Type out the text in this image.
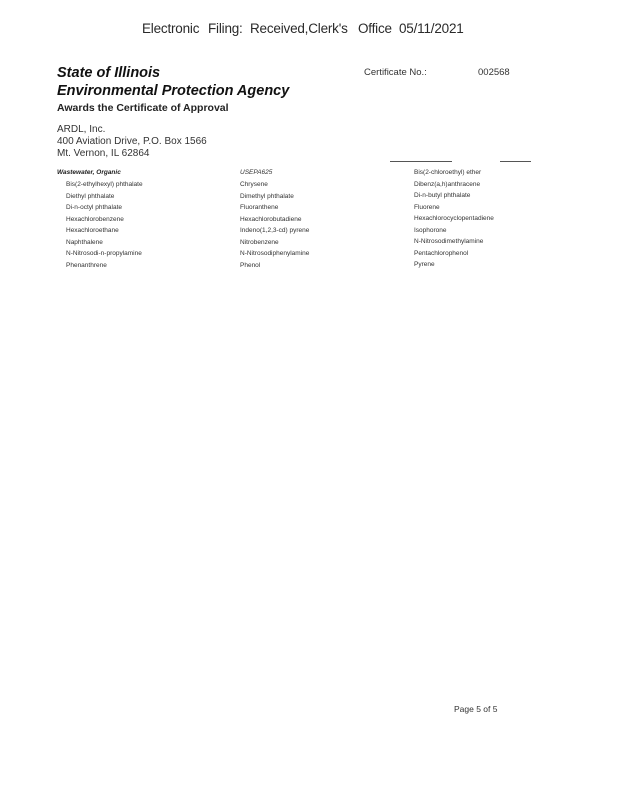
Electronic Filing: Received,Clerk's Office 05/11/2021
State of Illinois
Environmental Protection Agency
Awards the Certificate of Approval
Certificate No.:	002568
ARDL, Inc.
400 Aviation Drive, P.O. Box 1566
Mt. Vernon, IL 62864
Wastewater, Organic	USEPA625
Bis(2-ethylhexyl) phthalate
Diethyl phthalate
Di-n-octyl phthalate
Hexachlorobenzene
Hexachloroethane
Naphthalene
N-Nitrosodi-n-propylamine
Phenanthrene
Chrysene
Dimethyl phthalate
Fluoranthene
Hexachlorobutadiene
Indeno(1,2,3-cd) pyrene
Nitrobenzene
N-Nitrosodiphenylamine
Phenol
Bis(2-chloroethyl) ether
Dibenz(a,h)anthracene
Di-n-butyl phthalate
Fluorene
Hexachlorocyclopentadiene
Isophorone
N-Nitrosodimethylamine
Pentachlorophenol
Pyrene
Page 5 of 5
